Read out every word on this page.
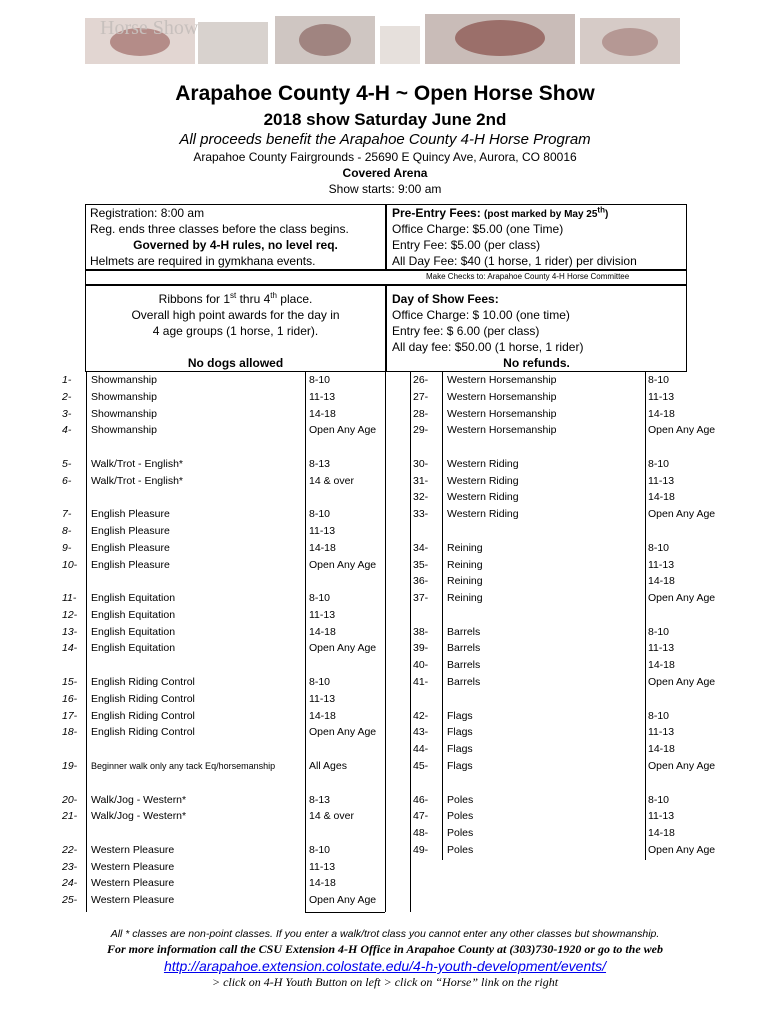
Horse Show
Arapahoe County 4-H ~ Open Horse Show
2018 show Saturday June 2nd
All proceeds benefit the Arapahoe County 4-H Horse Program
Arapahoe County Fairgrounds - 25690 E Quincy Ave, Aurora, CO 80016
Covered Arena
Show starts: 9:00 am
Registration: 8:00 am
Reg. ends three classes before the class begins.
Governed by 4-H rules, no level req.
Helmets are required in gymkhana events.
Pre-Entry Fees: (post marked by May 25th)
Office Charge: $5.00 (one Time)
Entry Fee: $5.00 (per class)
All Day Fee: $40 (1 horse, 1 rider) per division
Make Checks to: Arapahoe County 4-H Horse Committee
Ribbons for 1st thru 4th place.
Overall high point awards for the day in
4 age groups (1 horse, 1 rider).
No dogs allowed
Day of Show Fees:
Office Charge: $ 10.00 (one time)
Entry fee: $ 6.00 (per class)
All day fee: $50.00 (1 horse, 1 rider)
No refunds.
1- Showmanship	8-10
2- Showmanship	11-13
3- Showmanship	14-18
4- Showmanship	Open Any Age
5- Walk/Trot - English*	8-13
6- Walk/Trot - English*	14 & over
7- English Pleasure	8-10
8- English Pleasure	11-13
9- English Pleasure	14-18
10- English Pleasure	Open Any Age
11- English Equitation	8-10
12- English Equitation	11-13
13- English Equitation	14-18
14- English Equitation	Open Any Age
15- English Riding Control	8-10
16- English Riding Control	11-13
17- English Riding Control	14-18
18- English Riding Control	Open Any Age
19- Beginner walk only any tack Eq/horsemanship	All Ages
20- Walk/Jog - Western*	8-13
21- Walk/Jog - Western*	14 & over
22- Western Pleasure	8-10
23- Western Pleasure	11-13
24- Western Pleasure	14-18
25- Western Pleasure	Open Any Age
26- Western Horsemanship	8-10
27- Western Horsemanship	11-13
28- Western Horsemanship	14-18
29- Western Horsemanship	Open Any Age
30- Western Riding	8-10
31- Western Riding	11-13
32- Western Riding	14-18
33- Western Riding	Open Any Age
34- Reining	8-10
35- Reining	11-13
36- Reining	14-18
37- Reining	Open Any Age
38- Barrels	8-10
39- Barrels	11-13
40- Barrels	14-18
41- Barrels	Open Any Age
42- Flags	8-10
43- Flags	11-13
44- Flags	14-18
45- Flags	Open Any Age
46- Poles	8-10
47- Poles	11-13
48- Poles	14-18
49- Poles	Open Any Age
All * classes are non-point classes. If you enter a walk/trot class you cannot enter any other classes but showmanship.
For more information call the CSU Extension 4-H Office in Arapahoe County at (303)730-1920 or go to the web
http://arapahoe.extension.colostate.edu/4-h-youth-development/events/
> click on 4-H Youth Button on left > click on “Horse” link on the right
